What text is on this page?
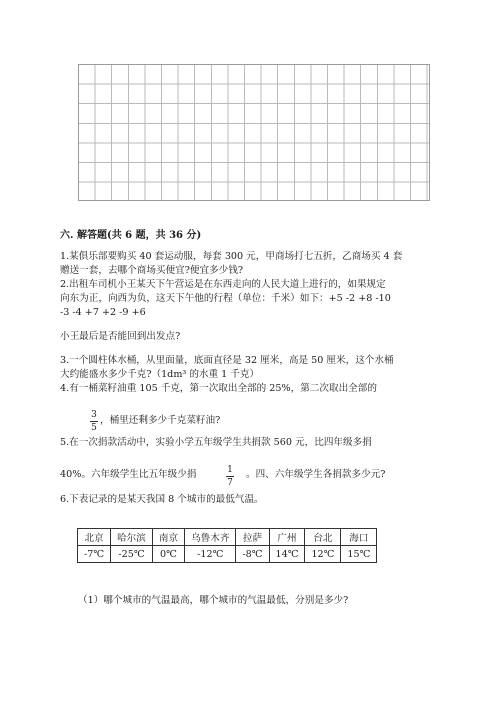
六. 解答题(共 6 题，共 36 分)
1.某俱乐部要购买 40 套运动服，每套 300 元，甲商场打七五折，乙商场买 4 套
赠送一套，去哪个商场买便宜?便宜多少钱?
2.出租车司机小王某天下午营运是在东西走向的人民大道上进行的，如果规定
向东为正，向西为负，这天下午他的行程（单位：千米）如下：+5 -2 +8 -10
-3 -4 +7 +2 -9 +6
小王最后是否能回到出发点?
3.一个圆柱体水桶，从里面量，底面直径是 32 厘米，高是 50 厘米，这个水桶
大约能盛水多少千克?（1dm³ 的水重 1 千克）
4.有一桶菜籽油重 105 千克，第一次取出全部的 25%，第二次取出全部的
3
5
，桶里还剩多少千克菜籽油?
5.在一次捐款活动中，实验小学五年级学生共捐款 560 元，比四年级多捐
40%。六年级学生比五年级少捐	1
7
。四、六年级学生各捐款多少元?
6.下表记录的是某天我国 8 个城市的最低气温。
北京	哈尔滨	南京	乌鲁木齐	拉萨	广州	台北	海口
-7℃	-25℃	0℃	-12℃	-8℃	14℃	12℃	15℃
（1）哪个城市的气温最高，哪个城市的气温最低，分别是多少?
